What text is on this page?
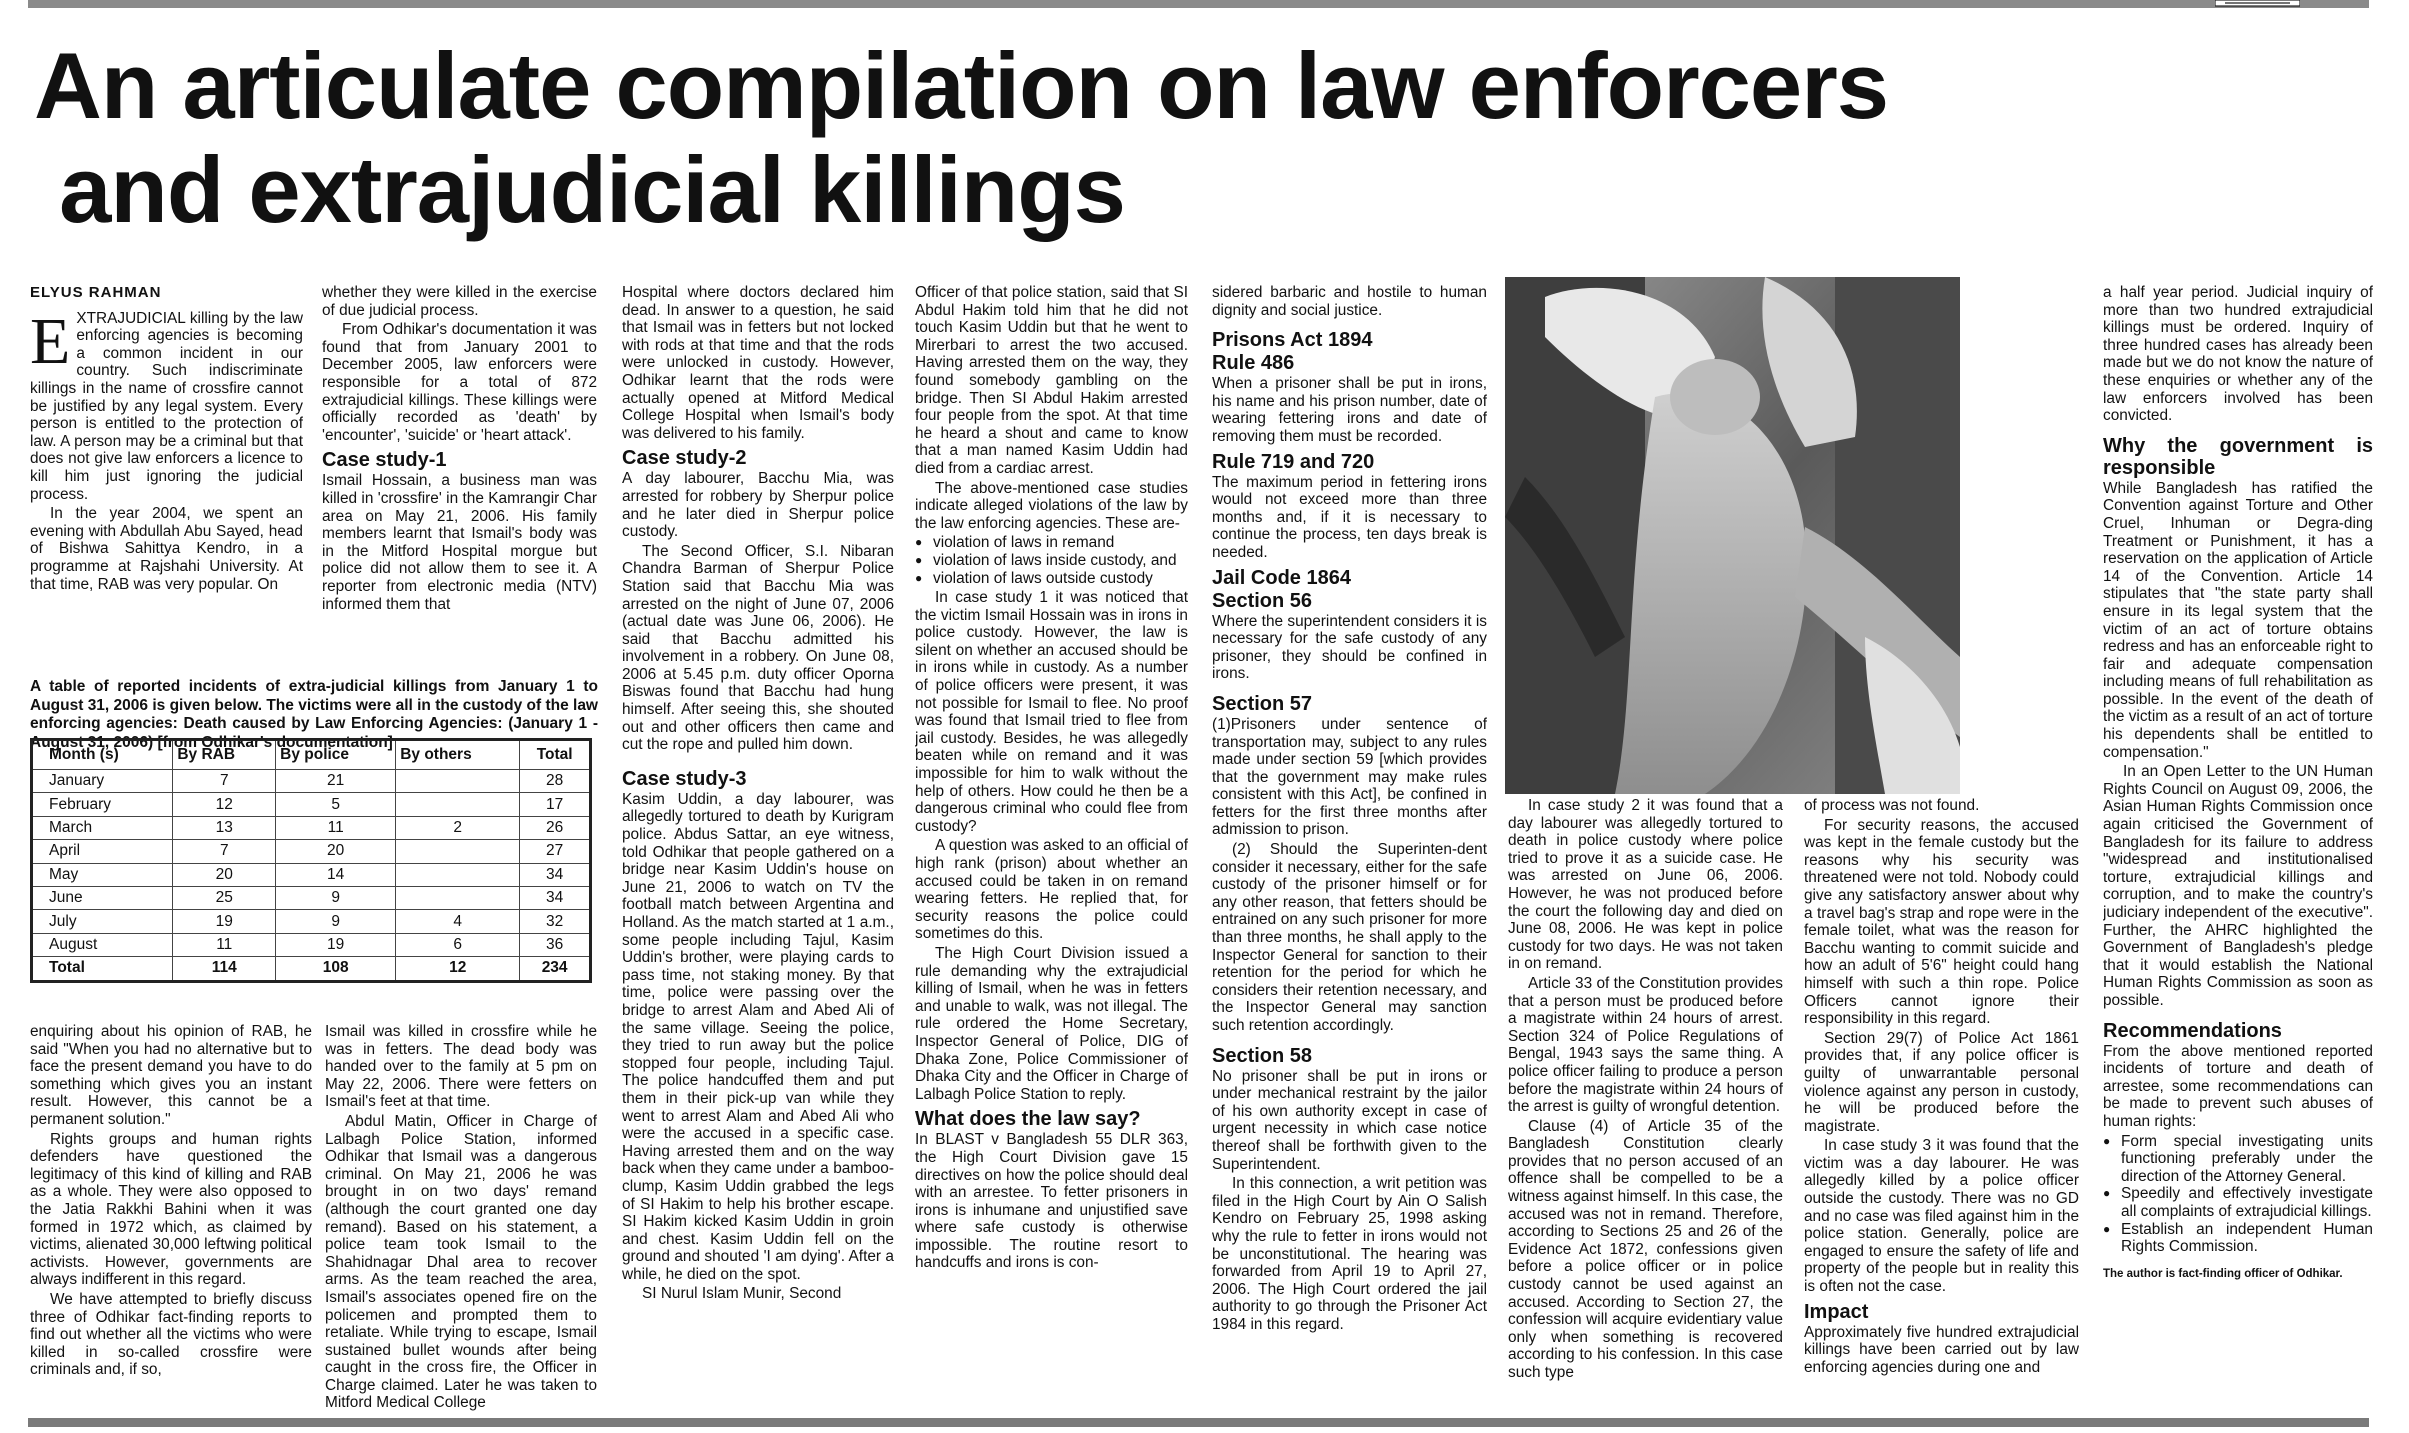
An articulate compilation on law enforcers
and extrajudicial killings
ELYUS RAHMAN
E XTRAJUDICIAL killing by the law enforcing agencies is becoming a common incident in our country. Such indiscriminate killings in the name of crossfire cannot be justified by any legal system. Every person is entitled to the protection of law. A person may be a criminal but that does not give law enforcers a licence to kill him just ignoring the judicial process.

In the year 2004, we spent an evening with Abdullah Abu Sayed, head of Bishwa Sahittya Kendro, in a programme at Rajshahi University. At that time, RAB was very popular. On

whether they were killed in the exercise of due judicial process.

From Odhikar's documentation it was found that from January 2001 to December 2005, law enforcers were responsible for a total of 872 extrajudicial killings. These killings were officially recorded as 'death' by 'encounter', 'suicide' or 'heart attack'.

Case study-1

Ismail Hossain, a business man was killed in 'crossfire' in the Kamrangir Char area on May 21, 2006. His family members learnt that Ismail's body was in the Mitford Hospital morgue but police did not allow them to see it. A reporter from electronic media (NTV) informed them that

A table of reported incidents of extra-judicial killings from January 1 to August 31, 2006 is given below. The victims were all in the custody of the law enforcing agencies: Death caused by Law Enforcing Agencies: (January 1 - August 31, 2006) [from Odhikar's documentation]
Month (s)	By RAB	By police	By others	Total
January	7	21		28
February	12	5		17
March	13	11	2	26
April	7	20		27
May	20	14		34
June	25	9		34
July	19	9	4	32
August	11	19	6	36
Total	114	108	12	234

enquiring about his opinion of RAB, he said "When you had no alternative but to face the present demand you have to do something which gives you an instant result. However, this cannot be a permanent solution."

Rights groups and human rights defenders have questioned the legitimacy of this kind of killing and RAB as a whole. They were also opposed to the Jatia Rakkhi Bahini when it was formed in 1972 which, as claimed by victims, alienated 30,000 leftwing political activists. However, governments are always indifferent in this regard.

We have attempted to briefly discuss three of Odhikar fact-finding reports to find out whether all the victims who were killed in so-called crossfire were criminals and, if so,

Ismail was killed in crossfire while he was in fetters. The dead body was handed over to the family at 5 pm on May 22, 2006. There were fetters on Ismail's feet at that time.

Abdul Matin, Officer in Charge of Lalbagh Police Station, informed Odhikar that Ismail was a dangerous criminal. On May 21, 2006 he was brought in on two days' remand (although the court granted one day remand). Based on his statement, a police team took Ismail to the Shahidnagar Dhal area to recover arms. As the team reached the area, Ismail's associates opened fire on the policemen and prompted them to retaliate. While trying to escape, Ismail sustained bullet wounds after being caught in the cross fire, the Officer in Charge claimed. Later he was taken to Mitford Medical College

Hospital where doctors declared him dead. In answer to a question, he said that Ismail was in fetters but not locked with rods at that time and that the rods were unlocked in custody. However, Odhikar learnt that the rods were actually opened at Mitford Medical College Hospital when Ismail's body was delivered to his family.

Case study-2

A day labourer, Bacchu Mia, was arrested for robbery by Sherpur police and he later died in Sherpur police custody.

The Second Officer, S.I. Nibaran Chandra Barman of Sherpur Police Station said that Bacchu Mia was arrested on the night of June 07, 2006 (actual date was June 06, 2006). He said that Bacchu admitted his involvement in a robbery. On June 08, 2006 at 5.45 p.m. duty officer Oporna Biswas found that Bacchu had hung himself. After seeing this, she shouted out and other officers then came and cut the rope and pulled him down.

Case study-3

Kasim Uddin, a day labourer, was allegedly tortured to death by Kurigram police. Abdus Sattar, an eye witness, told Odhikar that people gathered on a bridge near Kasim Uddin's house on June 21, 2006 to watch on TV the football match between Argentina and Holland. As the match started at 1 a.m., some people including Tajul, Kasim Uddin's brother, were playing cards to pass time, not staking money. By that time, police were passing over the bridge to arrest Alam and Abed Ali of the same village. Seeing the police, they tried to run away but the police stopped four people, including Tajul. The police handcuffed them and put them in their pick-up van while they went to arrest Alam and Abed Ali who were the accused in a specific case. Having arrested them and on the way back when they came under a bamboo-clump, Kasim Uddin grabbed the legs of SI Hakim to help his brother escape. SI Hakim kicked Kasim Uddin in groin and chest. Kasim Uddin fell on the ground and shouted 'I am dying'. After a while, he died on the spot.

SI Nurul Islam Munir, Second

Officer of that police station, said that SI Abdul Hakim told him that he did not touch Kasim Uddin but that he went to Mirerbari to arrest the two accused. Having arrested them on the way, they found somebody gambling on the bridge. Then SI Abdul Hakim arrested four people from the spot. At that time he heard a shout and came to know that a man named Kasim Uddin had died from a cardiac arrest.

The above-mentioned case studies indicate alleged violations of the law by the law enforcing agencies. These are-

● violation of laws in remand
● violation of laws inside custody, and
● violation of laws outside custody

In case study 1 it was noticed that the victim Ismail Hossain was in irons in police custody. However, the law is silent on whether an accused should be in irons while in custody. As a number of police officers were present, it was not possible for Ismail to flee. No proof was found that Ismail tried to flee from jail custody. Besides, he was allegedly beaten while on remand and it was impossible for him to walk without the help of others. How could he then be a dangerous criminal who could flee from custody?

A question was asked to an official of high rank (prison) about whether an accused could be taken in on remand wearing fetters. He replied that, for security reasons the police could sometimes do this.

The High Court Division issued a rule demanding why the extrajudicial killing of Ismail, when he was in fetters and unable to walk, was not illegal. The rule ordered the Home Secretary, Inspector General of Police, DIG of Dhaka Zone, Police Commissioner of Dhaka City and the Officer in Charge of Lalbagh Police Station to reply.

What does the law say?

In BLAST v Bangladesh 55 DLR 363, the High Court Division gave 15 directives on how the police should deal with an arrestee. To fetter prisoners in irons is inhumane and unjustified save where safe custody is otherwise impossible. The routine resort to handcuffs and irons is con-

sidered barbaric and hostile to human dignity and social justice.

Prisons Act 1894
Rule 486

When a prisoner shall be put in irons, his name and his prison number, date of wearing fettering irons and date of removing them must be recorded.

Rule 719 and 720

The maximum period in fettering irons would not exceed more than three months and, if it is necessary to continue the process, ten days break is needed.

Jail Code 1864
Section 56

Where the superintendent considers it is necessary for the safe custody of any prisoner, they should be confined in irons.

Section 57

(1)Prisoners under sentence of transportation may, subject to any rules made under section 59 [which provides that the government may make rules consistent with this Act], be confined in fetters for the first three months after admission to prison.

(2) Should the Superinten-dent consider it necessary, either for the safe custody of the prisoner himself or for any other reason, that fetters should be entrained on any such prisoner for more than three months, he shall apply to the Inspector General for sanction to their retention for the period for which he considers their retention necessary, and the Inspector General may sanction such retention accordingly.

Section 58

No prisoner shall be put in irons or under mechanical restraint by the jailor of his own authority except in case of urgent necessity in which case notice thereof shall be forthwith given to the Superintendent.

In this connection, a writ petition was filed in the High Court by Ain O Salish Kendro on February 25, 1998 asking why the rule to fetter in irons would not be unconstitutional. The hearing was forwarded from April 19 to April 27, 2006. The High Court ordered the jail authority to go through the Prisoner Act 1984 in this regard.

In case study 2 it was found that a day labourer was allegedly tortured to death in police custody where police tried to prove it as a suicide case. He was arrested on June 06, 2006. However, he was not produced before the court the following day and died on June 08, 2006. He was kept in police custody for two days. He was not taken in on remand.

Article 33 of the Constitution provides that a person must be produced before a magistrate within 24 hours of arrest. Section 324 of Police Regulations of Bengal, 1943 says the same thing. A police officer failing to produce a person before the magistrate within 24 hours of the arrest is guilty of wrongful detention.

Clause (4) of Article 35 of the Bangladesh Constitution clearly provides that no person accused of an offence shall be compelled to be a witness against himself. In this case, the accused was not in remand. Therefore, according to Sections 25 and 26 of the Evidence Act 1872, confessions given before a police officer or in police custody cannot be used against an accused. According to Section 27, the confession will acquire evidentiary value only when something is recovered according to his confession. In this case such type

of process was not found.

For security reasons, the accused was kept in the female custody but the reasons why his security was threatened were not told. Nobody could give any satisfactory answer about why a travel bag's strap and rope were in the female toilet, what was the reason for Bacchu wanting to commit suicide and how an adult of 5'6" height could hang himself with such a thin rope. Police Officers cannot ignore their responsibility in this regard.

Section 29(7) of Police Act 1861 provides that, if any police officer is guilty of unwarrantable personal violence against any person in custody, he will be produced before the magistrate.

In case study 3 it was found that the victim was a day labourer. He was allegedly killed by a police officer outside the custody. There was no GD and no case was filed against him in the police station. Generally, police are engaged to ensure the safety of life and property of the people but in reality this is often not the case.

Impact

Approximately five hundred extrajudicial killings have been carried out by law enforcing agencies during one and

a half year period. Judicial inquiry of more than two hundred extrajudicial killings must be ordered. Inquiry of three hundred cases has already been made but we do not know the nature of these enquiries or whether any of the law enforcers involved has been convicted.

Why the government is responsible

While Bangladesh has ratified the Convention against Torture and Other Cruel, Inhuman or Degra-ding Treatment or Punishment, it has a reservation on the application of Article 14 of the Convention. Article 14 stipulates that "the state party shall ensure in its legal system that the victim of an act of torture obtains redress and has an enforceable right to fair and adequate compensation including means of full rehabilitation as possible. In the event of the death of the victim as a result of an act of torture his dependents shall be entitled to compensation."

In an Open Letter to the UN Human Rights Council on August 09, 2006, the Asian Human Rights Commission once again criticised the Government of Bangladesh for its failure to address "widespread and institutionalised torture, extrajudicial killings and corruption, and to make the country's judiciary independent of the executive". Further, the AHRC highlighted the Government of Bangladesh's pledge that it would establish the National Human Rights Commission as soon as possible.

Recommendations

From the above mentioned reported incidents of torture and death of arrestee, some recommendations can be made to prevent such abuses of human rights:

● Form special investigating units functioning preferably under the direction of the Attorney General.
● Speedily and effectively investigate all complaints of extrajudicial killings.
● Establish an independent Human Rights Commission.
The author is fact-finding officer of Odhikar.
